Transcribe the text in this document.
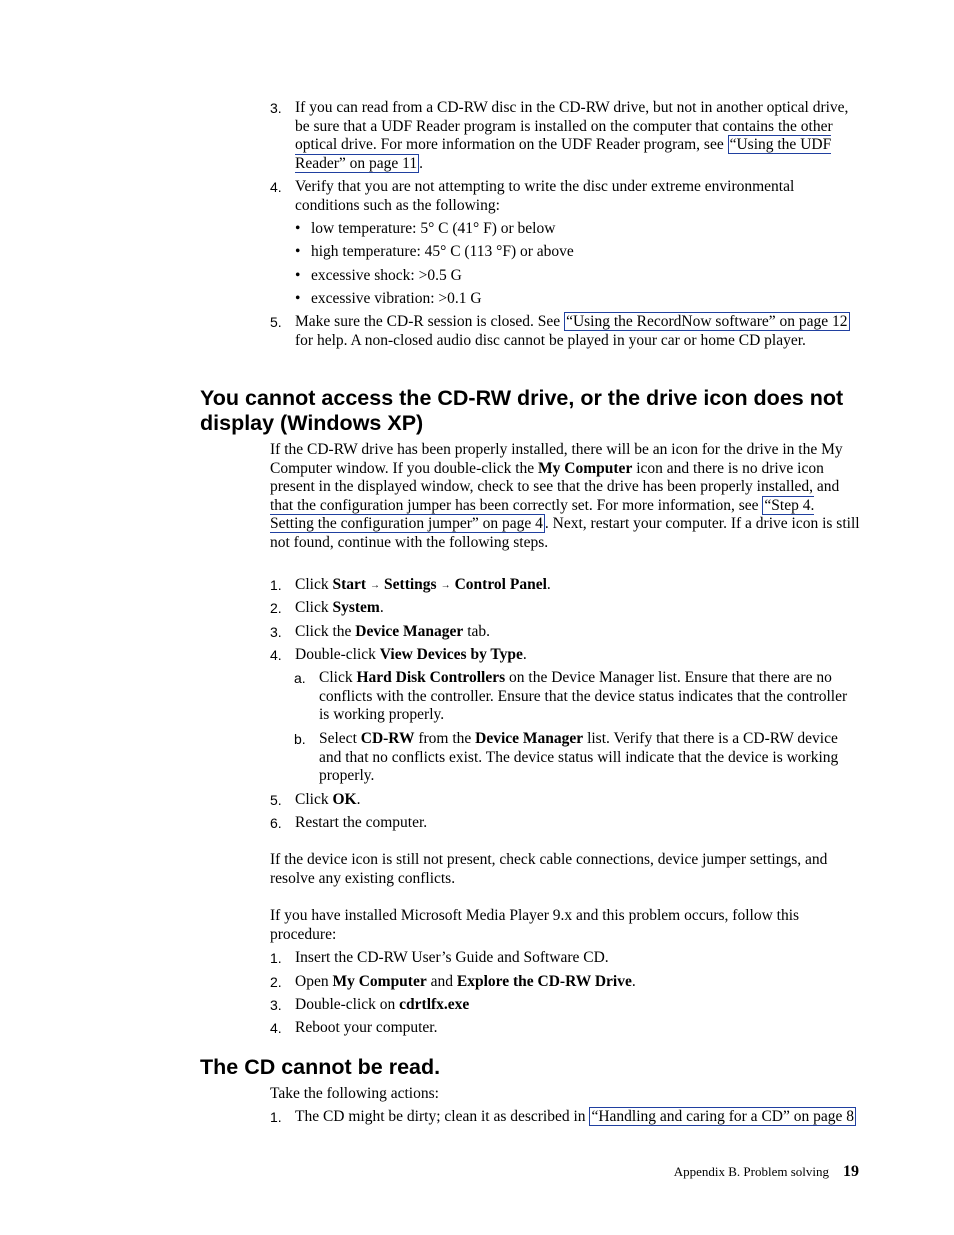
3. If you can read from a CD-RW disc in the CD-RW drive, but not in another optical drive, be sure that a UDF Reader program is installed on the computer that contains the other optical drive. For more information on the UDF Reader program, see “Using the UDF Reader” on page 11 .
4. Verify that you are not attempting to write the disc under extreme environmental conditions such as the following:
• low temperature: 5° C (41° F) or below
• high temperature: 45° C (113 °F) or above
• excessive shock: >0.5 G
• excessive vibration: >0.1 G
5. Make sure the CD-R session is closed. See “Using the RecordNow software” on page 12 for help. A non-closed audio disc cannot be played in your car or home CD player.
You cannot access the CD-RW drive, or the drive icon does not display (Windows XP)
If the CD-RW drive has been properly installed, there will be an icon for the drive in the My Computer window. If you double-click the My Computer icon and there is no drive icon present in the displayed window, check to see that the drive has been properly installed, and that the configuration jumper has been correctly set. For more information, see “Step 4. Setting the configuration jumper” on page 4 . Next, restart your computer. If a drive icon is still not found, continue with the following steps.
1. Click Start → Settings → Control Panel.
2. Click System.
3. Click the Device Manager tab.
4. Double-click View Devices by Type.
a. Click Hard Disk Controllers on the Device Manager list. Ensure that there are no conflicts with the controller. Ensure that the device status indicates that the controller is working properly.
b. Select CD-RW from the Device Manager list. Verify that there is a CD-RW device and that no conflicts exist. The device status will indicate that the device is working properly.
5. Click OK.
6. Restart the computer.
If the device icon is still not present, check cable connections, device jumper settings, and resolve any existing conflicts.
If you have installed Microsoft Media Player 9.x and this problem occurs, follow this procedure:
1. Insert the CD-RW User’s Guide and Software CD.
2. Open My Computer and Explore the CD-RW Drive.
3. Double-click on cdrtlfx.exe
4. Reboot your computer.
The CD cannot be read.
Take the following actions:
1. The CD might be dirty; clean it as described in “Handling and caring for a CD” on page 8
Appendix B. Problem solving 19
